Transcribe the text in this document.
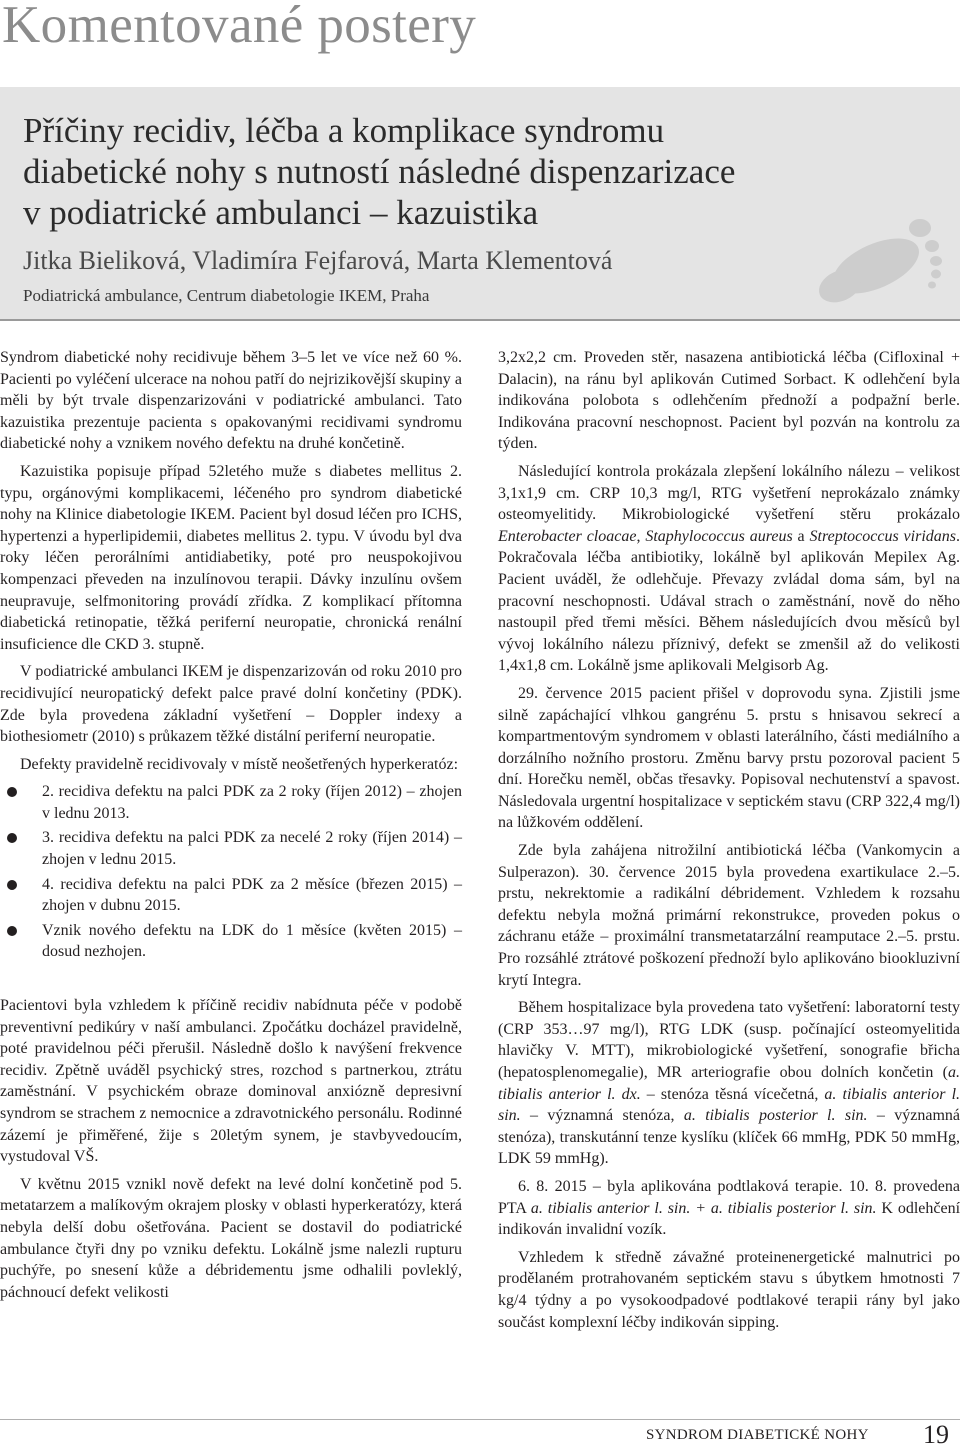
Komentované postery
Příčiny recidiv, léčba a komplikace syndromu
diabetické nohy s nutností následné dispenzarizace
v podiatrické ambulanci – kazuistika

Jitka Bieliková, Vladimíra Fejfarová, Marta Klementová

Podiatrická ambulance, Centrum diabetologie IKEM, Praha

Syndrom diabetické nohy recidivuje během 3–5 let ve více než 60 %. Pacienti po vyléčení ulcerace na nohou patří do nejrizikovější skupiny a měli by být trvale dispenzarizováni v podiatrické ambulanci. Tato kazuistika prezentuje pacienta s opakovanými recidivami syndromu diabetické nohy a vznikem nového defektu na druhé končetině.

Kazuistika popisuje případ 52letého muže s diabetes mellitus 2. typu, orgánovými komplikacemi, léčeného pro syndrom diabetické nohy na Klinice diabetologie IKEM. Pacient byl dosud léčen pro ICHS, hypertenzi a hyperlipidemii, diabetes mellitus 2. typu. V úvodu byl dva roky léčen perorálními antidiabetiky, poté pro neuspokojivou kompenzaci převeden na inzulínovou terapii. Dávky inzulínu ovšem neupravuje, selfmonitoring provádí zřídka. Z komplikací přítomna diabetická retinopatie, těžká periferní neuropatie, chronická renální insuficience dle CKD 3. stupně.

V podiatrické ambulanci IKEM je dispenzarizován od roku 2010 pro recidivující neuropatický defekt palce pravé dolní končetiny (PDK). Zde byla provedena základní vyšetření – Doppler indexy a biothesiometr (2010) s průkazem těžké distální periferní neuropatie.

Defekty pravidelně recidivovaly v místě neošetřených hyperkeratóz:

2. recidiva defektu na palci PDK za 2 roky (říjen 2012) – zhojen v lednu 2013.
3. recidiva defektu na palci PDK za necelé 2 roky (říjen 2014) – zhojen v lednu 2015.
4. recidiva defektu na palci PDK za 2 měsíce (březen 2015) – zhojen v dubnu 2015.
Vznik nového defektu na LDK do 1 měsíce (květen 2015) – dosud nezhojen.

Pacientovi byla vzhledem k příčině recidiv nabídnuta péče v podobě preventivní pedikúry v naší ambulanci. Zpočátku docházel pravidelně, poté pravidelnou péči přerušil. Následně došlo k navýšení frekvence recidiv. Zpětně uváděl psychický stres, rozchod s partnerkou, ztrátu zaměstnání. V psychickém obraze dominoval anxiózně depresivní syndrom se strachem z nemocnice a zdravotnického personálu. Rodinné zázemí je přiměřené, žije s 20letým synem, je stavbyvedoucím, vystudoval VŠ.

V květnu 2015 vznikl nově defekt na levé dolní končetině pod 5. metatarzem a malíkovým okrajem plosky v oblasti hyperkeratózy, která nebyla delší dobu ošetřována. Pacient se dostavil do podiatrické ambulance čtyři dny po vzniku defektu. Lokálně jsme nalezli rupturu puchýře, po snesení kůže a débridementu jsme odhalili povleklý, páchnoucí defekt velikosti

3,2x2,2 cm. Proveden stěr, nasazena antibiotická léčba (Cifloxinal + Dalacin), na ránu byl aplikován Cutimed Sorbact. K odlehčení byla indikována polobota s odlehčením přednoží a podpažní berle. Indikována pracovní neschopnost. Pacient byl pozván na kontrolu za týden.

Následující kontrola prokázala zlepšení lokálního nálezu – velikost 3,1x1,9 cm. CRP 10,3 mg/l, RTG vyšetření neprokázalo známky osteomyelitidy. Mikrobiologické vyšetření stěru prokázalo Enterobacter cloacae, Staphylococcus aureus a Streptococcus viridans. Pokračovala léčba antibiotiky, lokálně byl aplikován Mepilex Ag. Pacient uváděl, že odlehčuje. Převazy zvládal doma sám, byl na pracovní neschopnosti. Udával strach o zaměstnání, nově do něho nastoupil před třemi měsíci. Během následujících dvou měsíců byl vývoj lokálního nálezu příznivý, defekt se zmenšil až do velikosti 1,4x1,8 cm. Lokálně jsme aplikovali Melgisorb Ag.

29. července 2015 pacient přišel v doprovodu syna. Zjistili jsme silně zapáchající vlhkou gangrénu 5. prstu s hnisavou sekrecí a kompartmentovým syndromem v oblasti laterálního, části mediálního a dorzálního nožního prostoru. Změnu barvy prstu pozoroval pacient 5 dní. Horečku neměl, občas třesavky. Popisoval nechutenství a spavost. Následovala urgentní hospitalizace v septickém stavu (CRP 322,4 mg/l) na lůžkovém oddělení.

Zde byla zahájena nitrožilní antibiotická léčba (Vankomycin a Sulperazon). 30. července 2015 byla provedena exartikulace 2.–5. prstu, nekrektomie a radikální débridement. Vzhledem k rozsahu defektu nebyla možná primární rekonstrukce, proveden pokus o záchranu etáže – proximální transmetatarzální reamputace 2.–5. prstu. Pro rozsáhlé ztrátové poškození přednoží bylo aplikováno biookluzivní krytí Integra.

Během hospitalizace byla provedena tato vyšetření: laboratorní testy (CRP 353…97 mg/l), RTG LDK (susp. počínající osteomyelitida hlavičky V. MTT), mikrobiologické vyšetření, sonografie břicha (hepatosplenomegalie), MR arteriografie obou dolních končetin (a. tibialis anterior l. dx. – stenóza těsná vícečetná, a. tibialis anterior l. sin. – významná stenóza, a. tibialis posterior l. sin. – významná stenóza), transkutánní tenze kyslíku (klíček 66 mmHg, PDK 50 mmHg, LDK 59 mmHg).

6. 8. 2015 – byla aplikována podtlaková terapie. 10. 8. provedena PTA a. tibialis anterior l. sin. + a. tibialis posterior l. sin. K odlehčení indikován invalidní vozík.

Vzhledem k středně závažné proteinenergetické malnutrici po prodělaném protrahovaném septickém stavu s úbytkem hmotnosti 7 kg/4 týdny a po vysokoodpadové podtlakové terapii rány byl jako součást komplexní léčby indikován sipping.

SYNDROM DIABETICKÉ NOHY 19
